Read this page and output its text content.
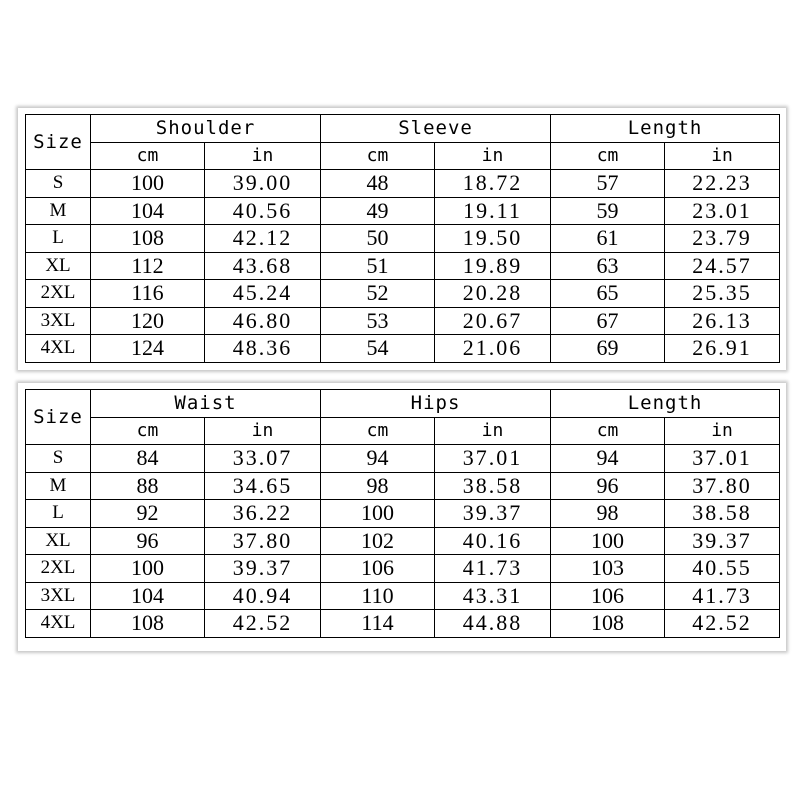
Size	Shoulder		Sleeve		Length	
	cm	in	cm	in	cm	in
S	100	39.00	48	18.72	57	22.23
M	104	40.56	49	19.11	59	23.01
L	108	42.12	50	19.50	61	23.79
XL	112	43.68	51	19.89	63	24.57
2XL	116	45.24	52	20.28	65	25.35
3XL	120	46.80	53	20.67	67	26.13
4XL	124	48.36	54	21.06	69	26.91
Size	Waist		Hips		Length	
	cm	in	cm	in	cm	in
S	84	33.07	94	37.01	94	37.01
M	88	34.65	98	38.58	96	37.80
L	92	36.22	100	39.37	98	38.58
XL	96	37.80	102	40.16	100	39.37
2XL	100	39.37	106	41.73	103	40.55
3XL	104	40.94	110	43.31	106	41.73
4XL	108	42.52	114	44.88	108	42.52
